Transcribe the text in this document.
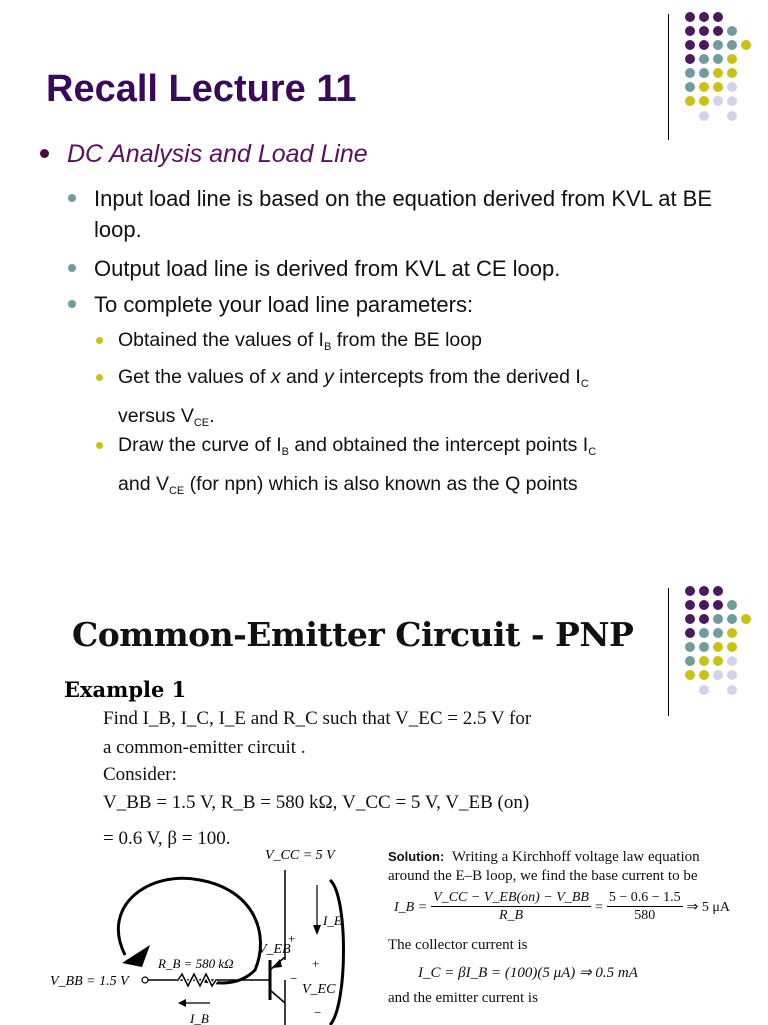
Recall Lecture 11
DC Analysis and Load Line
Input load line is based on the equation derived from KVL at BE loop.
Output load line is derived from KVL at CE loop.
To complete your load line parameters:
Obtained the values of $I_B$ from the BE loop
Get the values of x and y intercepts from the derived $I_C$
versus $V_{CE}$.
Draw the curve of $I_B$ and obtained the intercept points $I_C$
and $V_{CE}$ (for npn) which is also known as the Q points
Common-Emitter Circuit - PNP
Example 1
Find I_B, I_C, I_E and R_C such that V_EC = 2.5 V for
a common-emitter circuit .
Consider:
V_BB = 1.5 V, R_B = 580 kΩ, V_CC = 5 V, V_EB (on)
= 0.6 V, β = 100.
+
−
+
−
V_CC = 5 V
R_B = 580 kΩ
V_BB = 1.5 V
V_EB
V_EC
I_E
I_B
Solution: Writing a Kirchhoff voltage law equation
around the E–B loop, we find the base current to be
I_B =	V_CC − V_EB(on) − V_BB	=	5 − 0.6 − 1.5	⇒ 5 μA
	R_B		580	
The collector current is
I_C = βI_B = (100)(5 μA) ⇒ 0.5 mA
and the emitter current is
